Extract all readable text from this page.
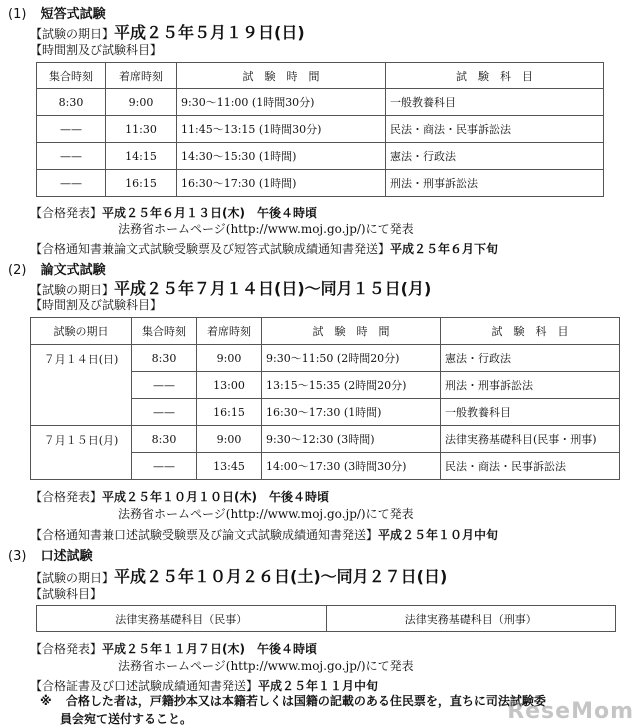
(1) 短答式試験
【試験の期日】平成２５年５月１９日(日)
【時間割及び試験科目】
集合時刻	着席時刻	試　験　時　間	試　験　科　目
8:30	9:00	9:30～11:00 (1時間30分)	一般教養科目
——	11:30	11:45～13:15 (1時間30分)	民法・商法・民事訴訟法
——	14:15	14:30～15:30 (1時間)	憲法・行政法
——	16:15	16:30～17:30 (1時間)	刑法・刑事訴訟法
【合格発表】平成２５年６月１３日(木)　午後４時頃
法務省ホームページ(http://www.moj.go.jp/)にて発表
【合格通知書兼論文式試験受験票及び短答式試験成績通知書発送】平成２５年６月下旬
(2) 論文式試験
【試験の期日】平成２５年７月１４日(日)～同月１５日(月)
【時間割及び試験科目】
試験の期日	集合時刻	着席時刻	試　験　時　間	試　験　科　目
７月１４日(日)	8:30	9:00	9:30～11:50 (2時間20分)	憲法・行政法
	——	13:00	13:15～15:35 (2時間20分)	刑法・刑事訴訟法
	——	16:15	16:30～17:30 (1時間)	一般教養科目
７月１５日(月)	8:30	9:00	9:30～12:30 (3時間)	法律実務基礎科目(民事・刑事)
	——	13:45	14:00～17:30 (3時間30分)	民法・商法・民事訴訟法
【合格発表】平成２５年１０月１０日(木)　午後４時頃
法務省ホームページ(http://www.moj.go.jp/)にて発表
【合格通知書兼口述試験受験票及び論文式試験成績通知書発送】平成２５年１０月中旬
(3) 口述試験
【試験の期日】平成２５年１０月２６日(土)～同月２７日(日)
【試験科目】
法律実務基礎科目（民事）	法律実務基礎科目（刑事）
【合格発表】平成２５年１１月７日(木)　午後４時頃
法務省ホームページ(http://www.moj.go.jp/)にて発表
【合格証書及び口述試験成績通知書発送】平成２５年１１月中旬
※ 合格した者は，戸籍抄本又は本籍若しくは国籍の記載のある住民票を，直ちに司法試験委
員会宛て送付すること。	ReseMom
